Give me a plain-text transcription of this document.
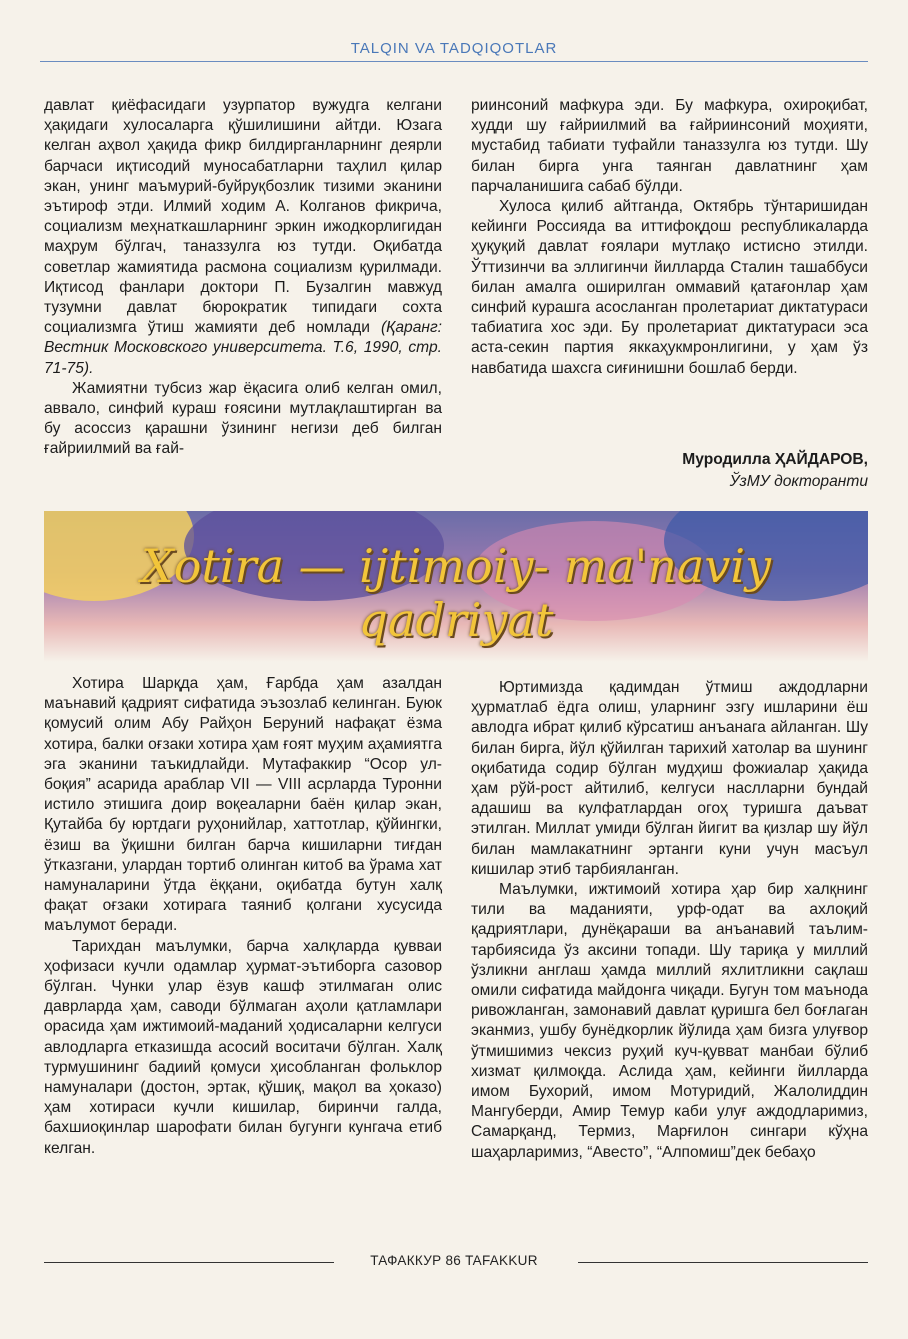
TALQIN VA TADQIQOTLAR

давлат қиёфасидаги узурпатор вужудга келгани ҳақидаги хулосаларга қўшилишини айтди. Юзага келган аҳвол ҳақида фикр билдирганларнинг деярли барчаси иқтисодий муносабатларни таҳлил қилар экан, унинг маъмурий-буйруқбозлик тизими эканини эътироф этди. Илмий ходим А. Колганов фикрича, социализм меҳнаткашларнинг эркин ижодкорлигидан маҳрум бўлгач, таназзулга юз тутди. Оқибатда советлар жамиятида расмона социализм қурилмади. Иқтисод фанлари доктори П. Бузалгин мавжуд тузумни давлат бюрократик типидаги сохта социализмга ўтиш жамияти деб номлади (Қаранг: Вестник Московского университета. Т.6, 1990, стр. 71-75).

Жамиятни тубсиз жар ёқасига олиб келган омил, аввало, синфий кураш ғоясини мутлақлаштирган ва бу асоссиз қарашни ўзининг негизи деб билган ғайриилмий ва ғай-

риинсоний мафкура эди. Бу мафкура, охироқибат, худди шу ғайриилмий ва ғайриинсоний моҳияти, мустабид табиати туфайли таназзулга юз тутди. Шу билан бирга унга таянган давлатнинг ҳам парчаланишига сабаб бўлди.

Хулоса қилиб айтганда, Октябрь тўнтаришидан кейинги Россияда ва иттифоқдош республикаларда ҳуқуқий давлат ғоялари мутлақо истисно этилди. Ўттизинчи ва эллигинчи йилларда Сталин ташаббуси билан амалга оширилган оммавий қатағонлар ҳам синфий курашга асосланган пролетариат диктатураси табиатига хос эди. Бу пролетариат диктатураси эса аста-секин партия яккаҳукмронлигини, у ҳам ўз навбатида шахсга сиғинишни бошлаб берди.

Муродилла ҲАЙДАРОВ,
ЎзМУ докторанти
Xotira — ijtimoiy- ma'naviy
qadriyat

Хотира Шарқда ҳам, Ғарбда ҳам азалдан маънавий қадрият сифатида эъзозлаб келинган. Буюк қомусий олим Абу Райҳон Беруний нафақат ёзма хотира, балки оғзаки хотира ҳам ғоят муҳим аҳамиятга эга эканини таъкидлайди. Мутафаккир “Осор ул-боқия” асарида араблар VII — VIII асрларда Туронни истило этишига доир воқеаларни баён қилар экан, Қутайба бу юртдаги руҳонийлар, хаттотлар, қўйингки, ёзиш ва ўқишни билган барча кишиларни тиғдан ўтказгани, улардан тортиб олинган китоб ва ўрама хат намуналарини ўтда ёққани, оқибатда бутун халқ фақат оғзаки хотирага таяниб қолгани хусусида маълумот беради.

Тарихдан маълумки, барча халқларда қувваи ҳофизаси кучли одамлар ҳурмат-эътиборга сазовор бўлган. Чунки улар ёзув кашф этилмаган олис даврларда ҳам, саводи бўлмаган аҳоли қатламлари орасида ҳам ижтимоий-маданий ҳодисаларни келгуси авлодларга етказишда асосий воситачи бўлган. Халқ турмушининг бадиий қомуси ҳисобланган фольклор намуналари (достон, эртак, қўшиқ, мақол ва ҳоказо) ҳам хотираси кучли кишилар, биринчи галда, бахшиоқинлар шарофати билан бугунги кунгача етиб келган.

Юртимизда қадимдан ўтмиш аждодларни ҳурматлаб ёдга олиш, уларнинг эзгу ишларини ёш авлодга ибрат қилиб кўрсатиш анъанага айланган. Шу билан бирга, йўл қўйилган тарихий хатолар ва шунинг оқибатида содир бўлган мудҳиш фожиалар ҳақида ҳам рўй-рост айтилиб, келгуси наслларни бундай адашиш ва кулфатлардан огоҳ туришга даъват этилган. Миллат умиди бўлган йигит ва қизлар шу йўл билан мамлакатнинг эртанги куни учун масъул кишилар этиб тарбияланган.

Маълумки, ижтимоий хотира ҳар бир халқнинг тили ва маданияти, урф-одат ва ахлоқий қадриятлари, дунёқараши ва анъанавий таълим-тарбиясида ўз аксини топади. Шу тариқа у миллий ўзликни англаш ҳамда миллий яхлитликни сақлаш омили сифатида майдонга чиқади. Бугун том маънода ривожланган, замонавий давлат қуришга бел боғлаган эканмиз, ушбу бунёдкорлик йўлида ҳам бизга улуғвор ўтмишимиз чексиз руҳий куч-қувват манбаи бўлиб хизмат қилмоқда. Аслида ҳам, кейинги йилларда имом Бухорий, имом Мотуридий, Жалолиддин Мангуберди, Амир Темур каби улуғ аждодларимиз, Самарқанд, Термиз, Марғилон сингари кўҳна шаҳарларимиз, “Авесто”, “Алпомиш”дек бебаҳо

ТАФАККУР 86 TAFAKKUR
